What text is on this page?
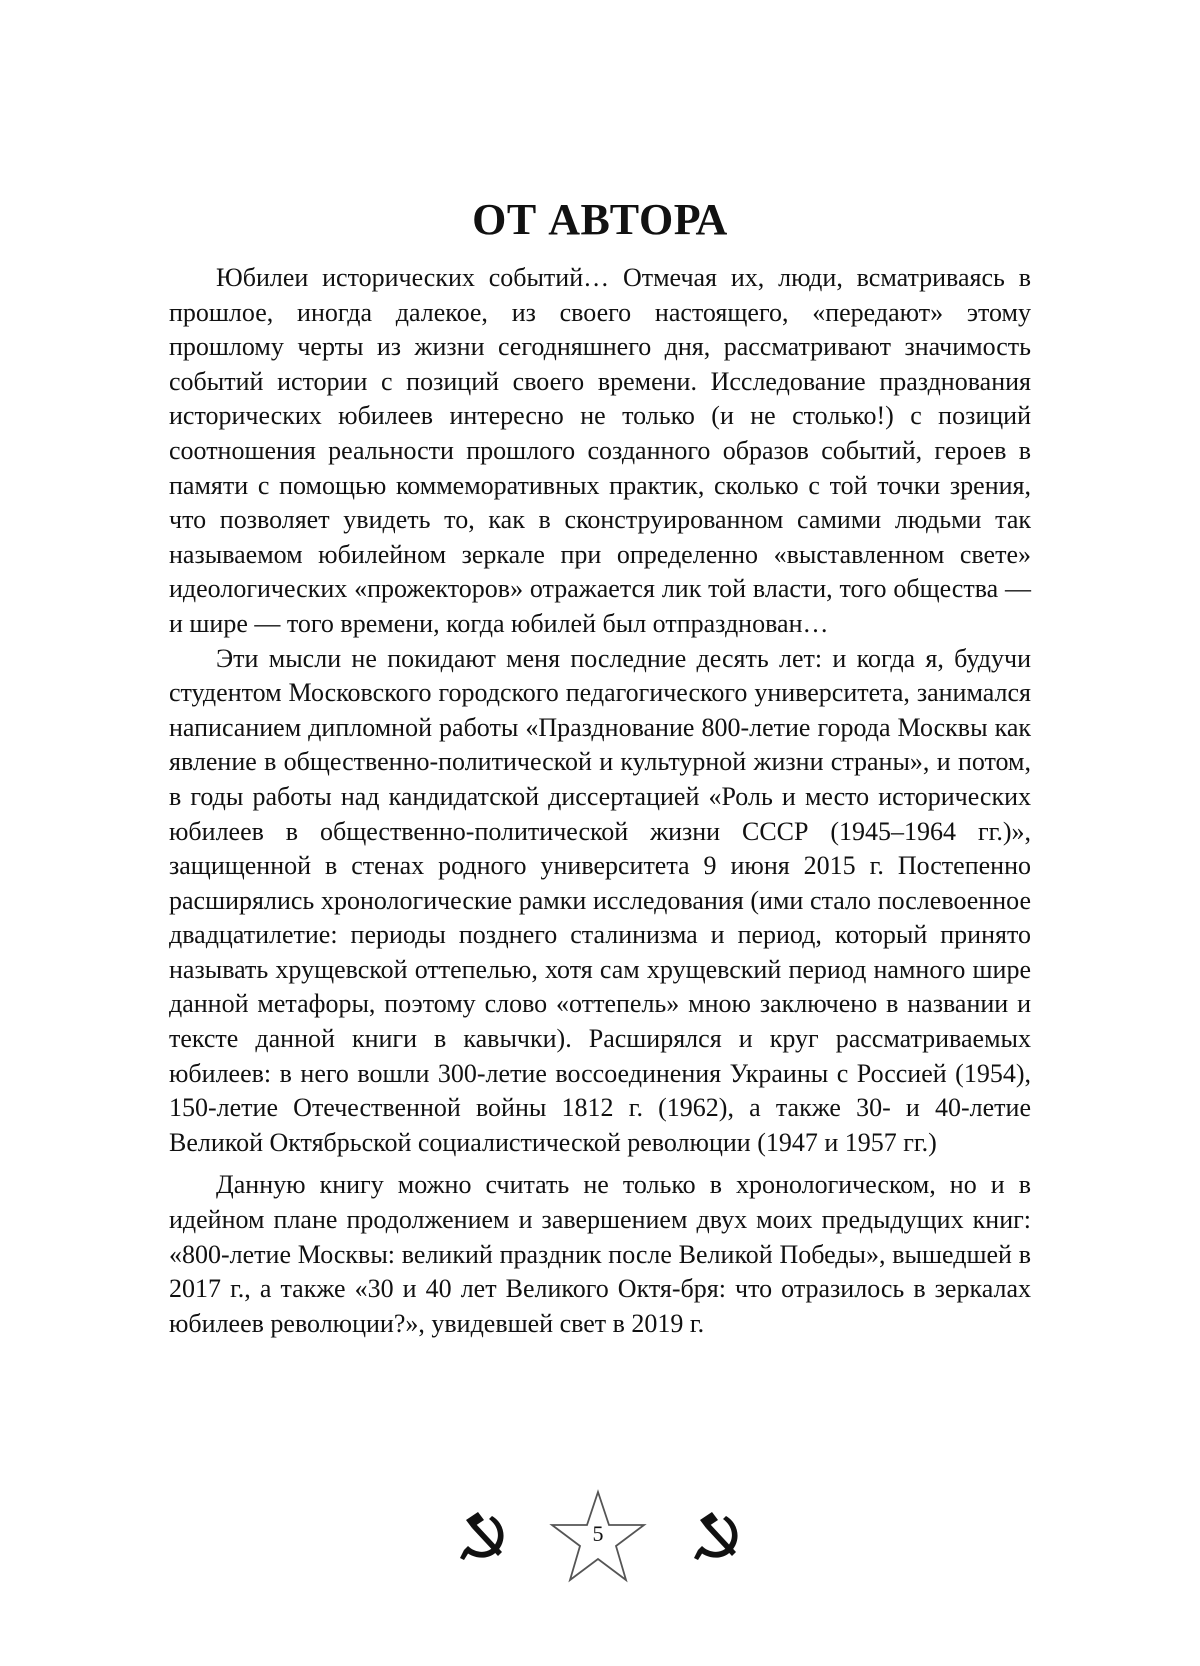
ОТ АВТОРА

Юбилеи исторических событий… Отмечая их, люди, всматриваясь в прошлое, иногда далекое, из своего настоящего, «передают» этому прошлому черты из жизни сегодняшнего дня, рассматривают значимость событий истории с позиций своего времени. Исследование празднования исторических юбилеев интересно не только (и не столько!) с позиций соотношения реальности прошлого созданного образов событий, героев в памяти с помощью коммеморативных практик, сколько с той точки зрения, что позволяет увидеть то, как в сконструированном самими людьми так называемом юбилейном зеркале при определенно «выставленном свете» идеологических «прожекторов» отражается лик той власти, того общества — и шире — того времени, когда юбилей был отпразднован…

Эти мысли не покидают меня последние десять лет: и когда я, будучи студентом Московского городского педагогического университета, занимался написанием дипломной работы «Празднование 800-летие города Москвы как явление в общественно-политической и культурной жизни страны», и потом, в годы работы над кандидатской диссертацией «Роль и место исторических юбилеев в общественно-политической жизни СССР (1945–1964 гг.)», защищенной в стенах родного университета 9 июня 2015 г. Постепенно расширялись хронологические рамки исследования (ими стало послевоенное двадцатилетие: периоды позднего сталинизма и период, который принято называть хрущевской оттепелью, хотя сам хрущевский период намного шире данной метафоры, поэтому слово «оттепель» мною заключено в названии и тексте данной книги в кавычки). Расширялся и круг рассматриваемых юбилеев: в него вошли 300-летие воссоединения Украины с Россией (1954), 150-летие Отечественной войны 1812 г. (1962), а также 30- и 40-летие Великой Октябрьской социалистической революции (1947 и 1957 гг.)

Данную книгу можно считать не только в хронологическом, но и в идейном плане продолжением и завершением двух моих предыдущих книг: «800-летие Москвы: великий праздник после Великой Победы», вышедшей в 2017 г., а также «30 и 40 лет Великого Октя-бря: что отразилось в зеркалах юбилеев революции?», увидевшей свет в 2019 г.

5
